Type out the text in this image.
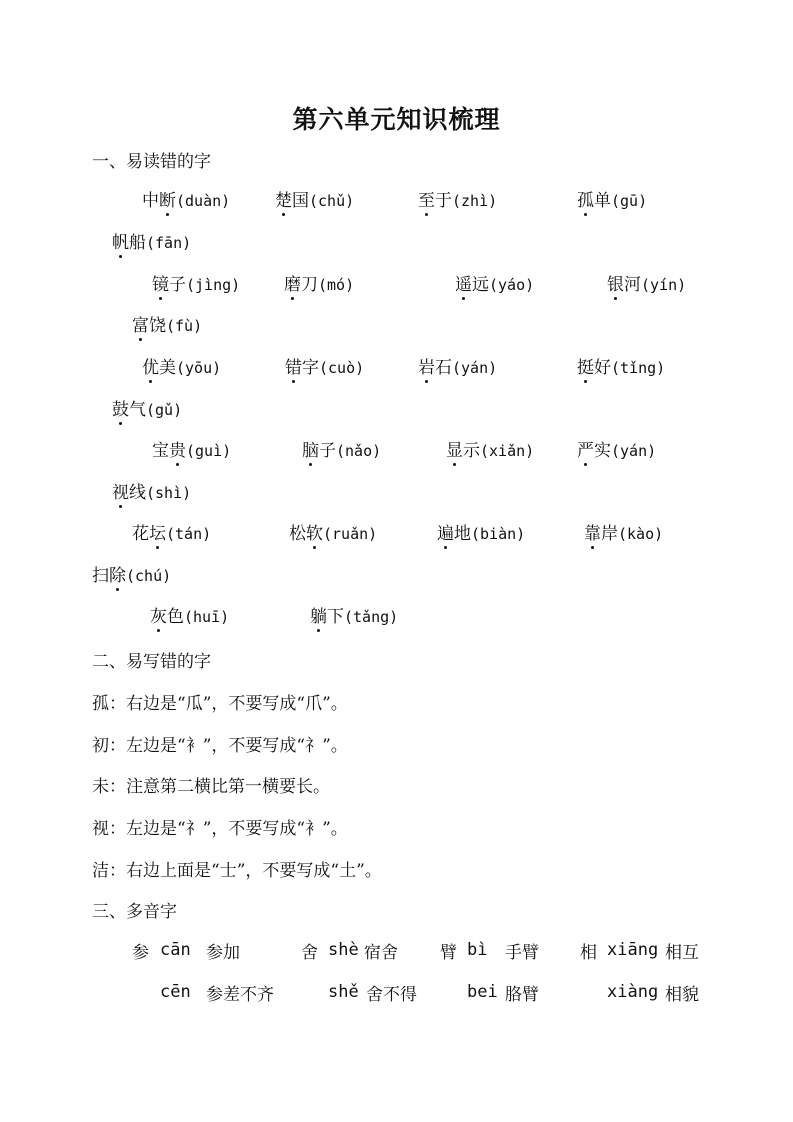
第六单元知识梳理
一、易读错的字
中断(duàn)	楚国(chǔ)	至于(zhì)	孤单(gū)
帆船(fān)
镜子(jìng)	磨刀(mó)	遥远(yáo)	银河(yín)
富饶(fù)
优美(yōu)	错字(cuò)	岩石(yán)	挺好(tǐng)
鼓气(gǔ)
宝贵(guì)	脑子(nǎo)	显示(xiǎn)	严实(yán)
视线(shì)
花坛(tán)	松软(ruǎn)	遍地(biàn)	靠岸(kào)
扫除(chú)
灰色(huī)	躺下(tǎng)
二、易写错的字
孤：右边是“瓜”，不要写成“爪”。
初：左边是“衤”，不要写成“礻”。
未：注意第二横比第一横要长。
视：左边是“礻”，不要写成“衤”。
洁：右边上面是“士”，不要写成“土”。
三、多音字
参 cān 参加
cēn 参差不齐
舍 shè 宿舍
shě 舍不得
臂 bì 手臂
bei 胳臂
相 xiāng 相互
xiàng 相貌
